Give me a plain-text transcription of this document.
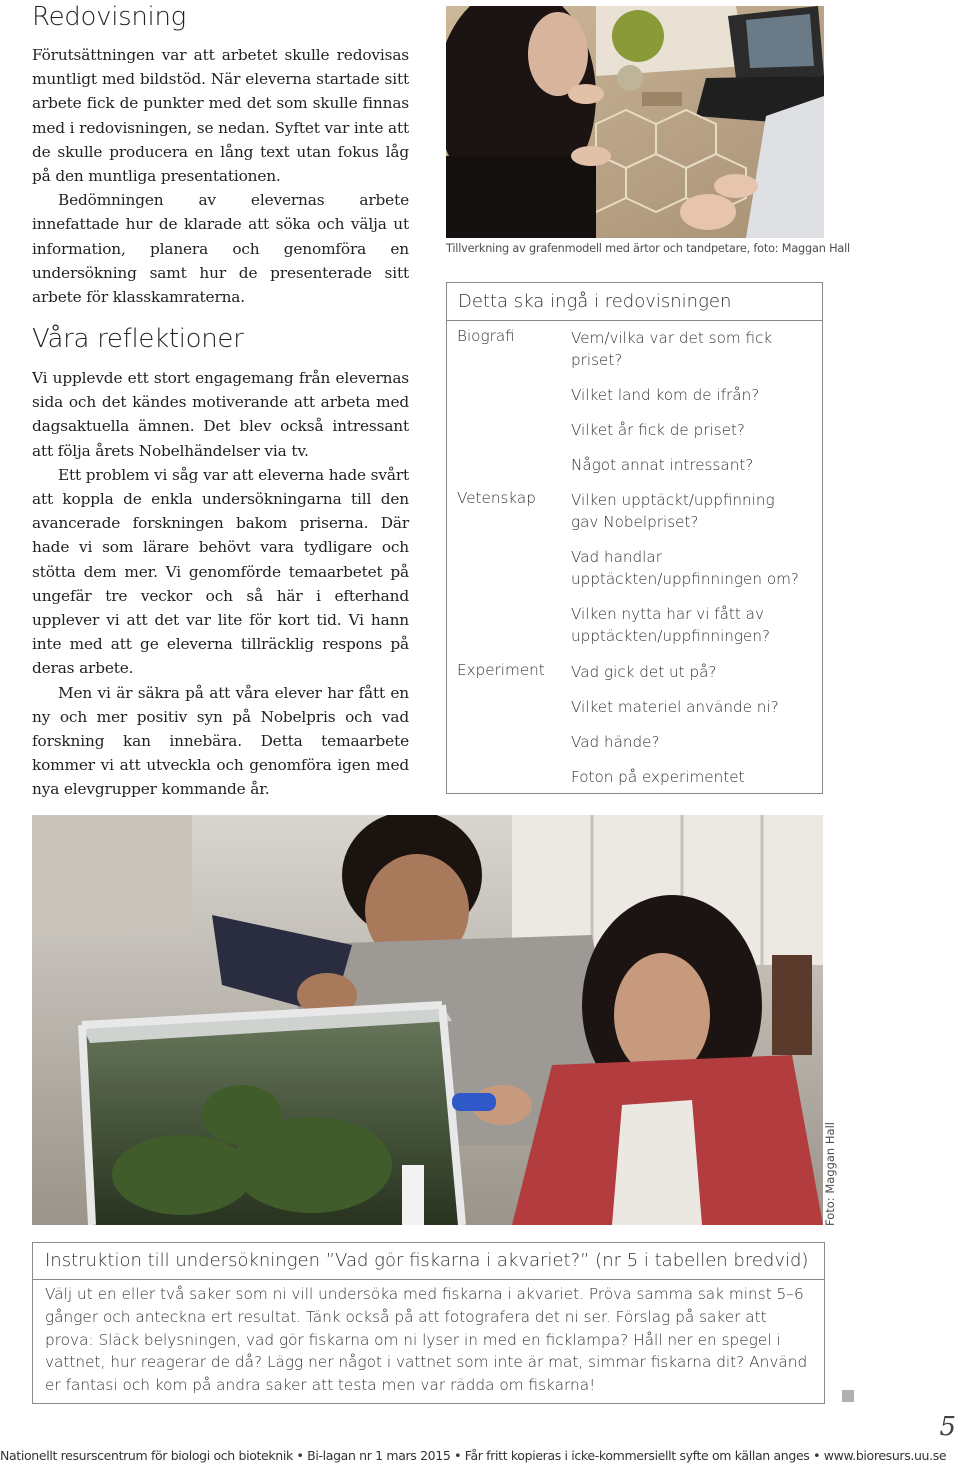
Redovisning

Förutsättningen var att arbetet skulle redovisas muntligt med bildstöd. När eleverna startade sitt arbete fick de punkter med det som skulle finnas med i redovisningen, se nedan. Syftet var inte att de skulle producera en lång text utan fokus låg på den muntliga presentationen.

Bedömningen av elevernas arbete innefattade hur de klarade att söka och välja ut information, planera och genomföra en undersökning samt hur de presenterade sitt arbete för klasskamraterna.

Våra reflektioner

Vi upplevde ett stort engagemang från elevernas sida och det kändes motiverande att arbeta med dagsaktuella ämnen. Det blev också intressant att följa årets Nobelhändelser via tv.

Ett problem vi såg var att eleverna hade svårt att koppla de enkla undersökningarna till den avancerade forskningen bakom priserna. Där hade vi som lärare behövt vara tydligare och stötta dem mer. Vi genomförde temaarbetet på ungefär tre veckor och så här i efterhand upplever vi att det var lite för kort tid. Vi hann inte med att ge eleverna tillräcklig respons på deras arbete.

Men vi är säkra på att våra elever har fått en ny och mer positiv syn på Nobelpris och vad forskning kan innebära. Detta temaarbete kommer vi att utveckla och genomföra igen med nya elevgrupper kommande år.

Tillverkning av grafenmodell med ärtor och tandpetare, foto: Maggan Hall
Detta ska ingå i redovisningen
Biografi	Vem/vilka var det som fick priset?
Vilket land kom de ifrån?
Vilket år fick de priset?
Något annat intressant?
Vetenskap Vilken upptäckt/uppfinning gav Nobelpriset?
Vad handlar upptäckten/uppfinningen om?
Vilken nytta har vi fått av upptäckten/uppfinningen?
Experiment Vad gick det ut på?
Vilket materiel använde ni?
Vad hände?
Foton på experimentet
Foto: Maggan Hall
Instruktion till undersökningen ”Vad gör fiskarna i akvariet?” (nr 5 i tabellen bredvid)
Välj ut en eller två saker som ni vill undersöka med fiskarna i akvariet. Pröva samma sak minst 5–6 gånger och anteckna ert resultat. Tänk också på att fotografera det ni ser. Förslag på saker att prova: Släck belysningen, vad gör fiskarna om ni lyser in med en ficklampa? Håll ner en spegel i vattnet, hur reagerar de då? Lägg ner något i vattnet som inte är mat, simmar fiskarna dit? Använd er fantasi och kom på andra saker att testa men var rädda om fiskarna!
Nationellt resurscentrum för biologi och bioteknik • Bi-lagan nr 1 mars 2015 • Får fritt kopieras i icke-kommersiellt syfte om källan anges • www.bioresurs.uu.se
5
